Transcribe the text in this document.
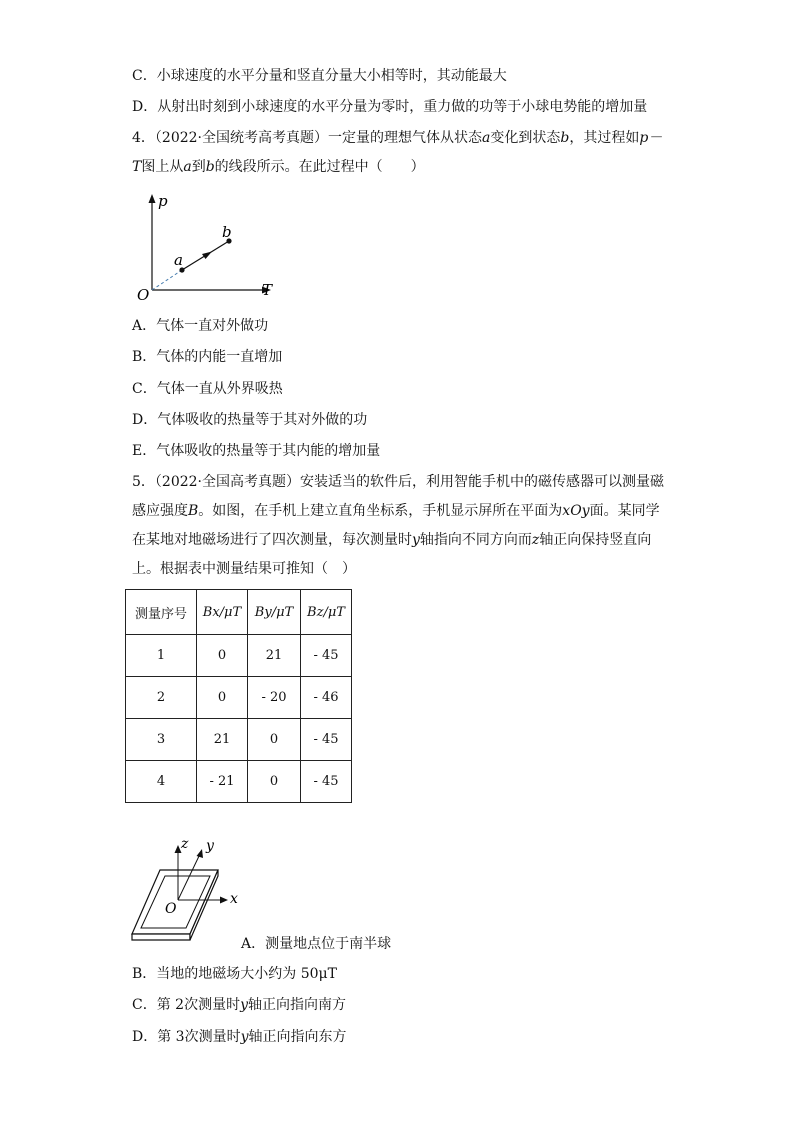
C．小球速度的水平分量和竖直分量大小相等时，其动能最大
D．从射出时刻到小球速度的水平分量为零时，重力做的功等于小球电势能的增加量
4．（2022·全国统考高考真题）一定量的理想气体从状态a变化到状态b，其过程如p－T图上从a到b的线段所示。在此过程中（　　）
p
T
O
a
b
A．气体一直对外做功
B．气体的内能一直增加
C．气体一直从外界吸热
D．气体吸收的热量等于其对外做的功
E．气体吸收的热量等于其内能的增加量
5．（2022·全国高考真题）安装适当的软件后，利用智能手机中的磁传感器可以测量磁感应强度B。如图，在手机上建立直角坐标系，手机显示屏所在平面为xOy面。某同学在某地对地磁场进行了四次测量，每次测量时y轴指向不同方向而z轴正向保持竖直向上。根据表中测量结果可推知（　）
测量序号	Bx/μT	By/μT	Bz/μT
1	0	21	- 45
2	0	- 20	- 46
3	21	0	- 45
4	- 21	0	- 45
z y
x
O
A．测量地点位于南半球
B．当地的地磁场大小约为 50μT
C．第 2次测量时y轴正向指向南方
D．第 3次测量时y轴正向指向东方
